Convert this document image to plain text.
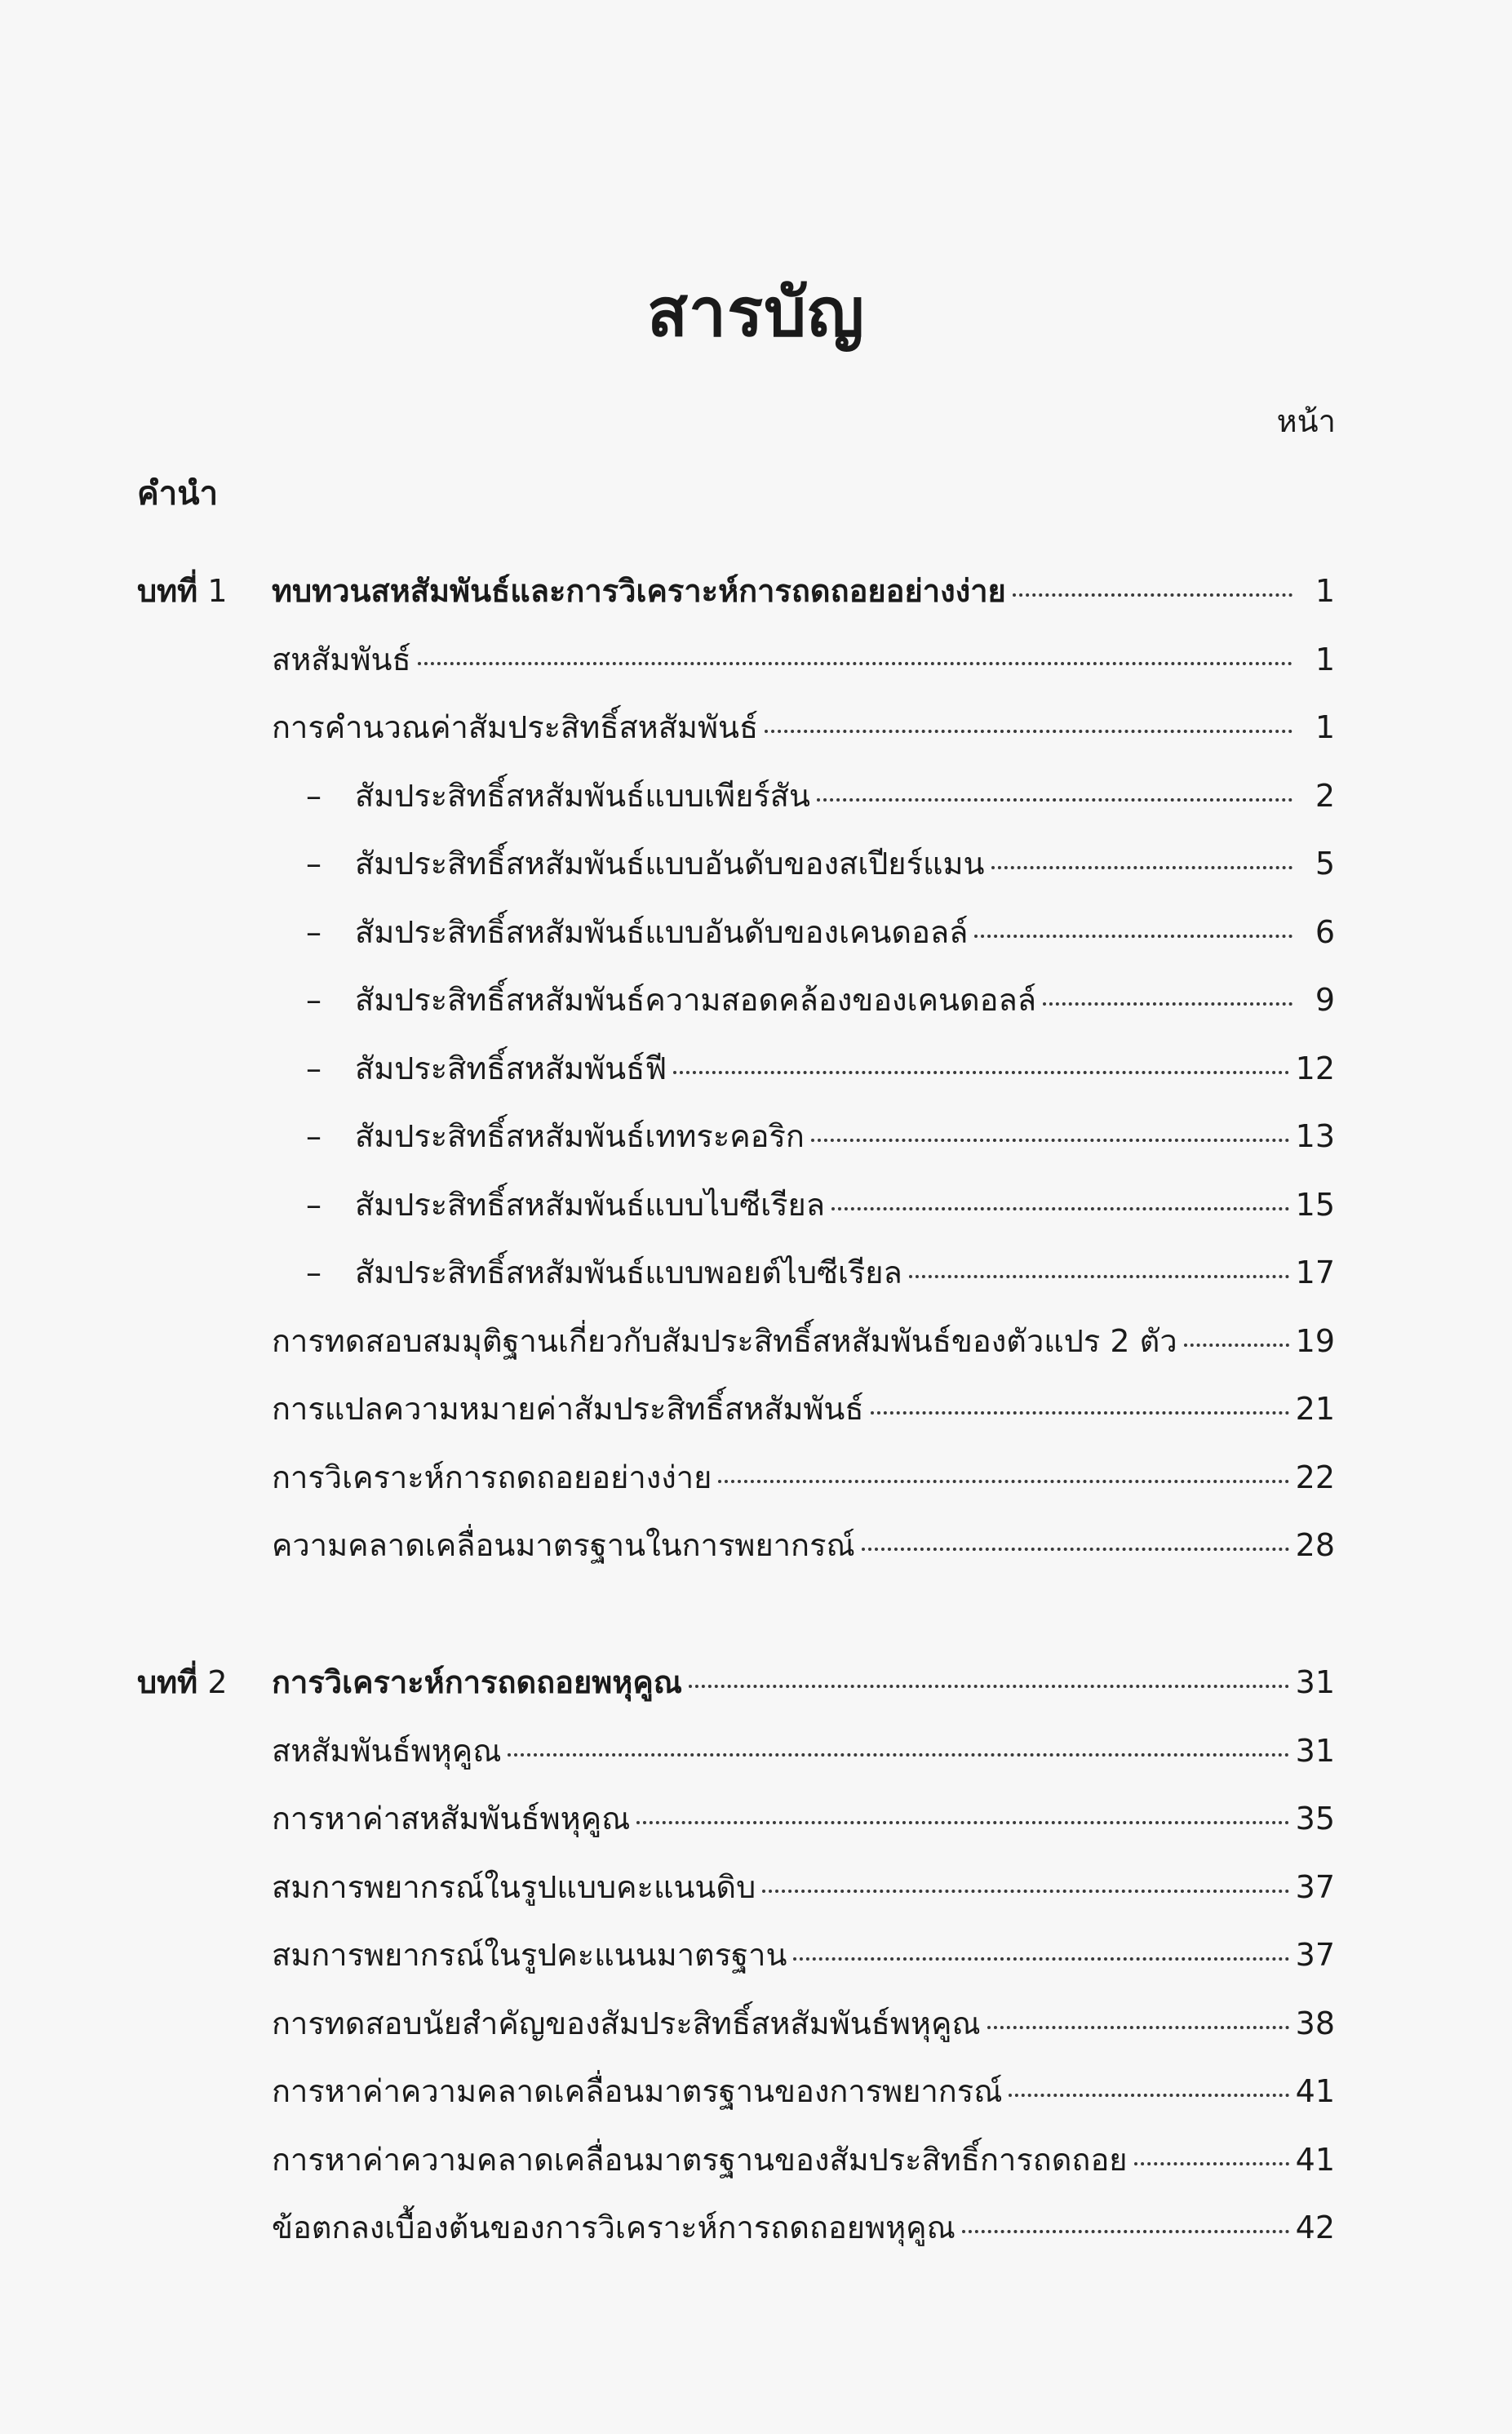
สารบัญ
หน้า
คำนำ
บทที่ 1	ทบทวนสหสัมพันธ์และการวิเคราะห์การถดถอยอย่างง่าย	1
สหสัมพันธ์	1
การคำนวณค่าสัมประสิทธิ์สหสัมพันธ์	1
–	สัมประสิทธิ์สหสัมพันธ์แบบเพียร์สัน	2
–	สัมประสิทธิ์สหสัมพันธ์แบบอันดับของสเปียร์แมน	5
–	สัมประสิทธิ์สหสัมพันธ์แบบอันดับของเคนดอลล์	6
–	สัมประสิทธิ์สหสัมพันธ์ความสอดคล้องของเคนดอลล์	9
–	สัมประสิทธิ์สหสัมพันธ์ฟี	12
–	สัมประสิทธิ์สหสัมพันธ์เททระคอริก	13
–	สัมประสิทธิ์สหสัมพันธ์แบบไบซีเรียล	15
–	สัมประสิทธิ์สหสัมพันธ์แบบพอยต์ไบซีเรียล	17
การทดสอบสมมุติฐานเกี่ยวกับสัมประสิทธิ์สหสัมพันธ์ของตัวแปร 2 ตัว	19
การแปลความหมายค่าสัมประสิทธิ์สหสัมพันธ์	21
การวิเคราะห์การถดถอยอย่างง่าย	22
ความคลาดเคลื่อนมาตรฐานในการพยากรณ์	28
บทที่ 2	การวิเคราะห์การถดถอยพหุคูณ	31
สหสัมพันธ์พหุคูณ	31
การหาค่าสหสัมพันธ์พหุคูณ	35
สมการพยากรณ์ในรูปแบบคะแนนดิบ	37
สมการพยากรณ์ในรูปคะแนนมาตรฐาน	37
การทดสอบนัยสำคัญของสัมประสิทธิ์สหสัมพันธ์พหุคูณ	38
การหาค่าความคลาดเคลื่อนมาตรฐานของการพยากรณ์	41
การหาค่าความคลาดเคลื่อนมาตรฐานของสัมประสิทธิ์การถดถอย	41
ข้อตกลงเบื้องต้นของการวิเคราะห์การถดถอยพหุคูณ	42
